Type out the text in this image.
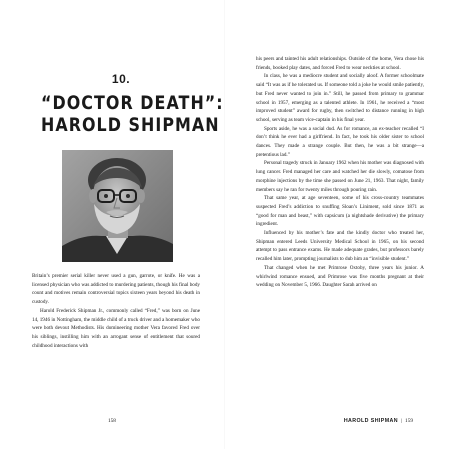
10.
“DOCTOR DEATH”:
HAROLD SHIPMAN

Britain’s premier serial killer never used a gun, garrote, or knife. He was a licensed physician who was addicted to murdering patients, though his final body count and motives remain controversial topics sixteen years beyond his death in custody.

Harold Frederick Shipman Jr., commonly called “Fred,” was born on June 14, 1946 in Nottingham, the middle child of a truck driver and a homemaker who were both devout Methodists. His domineering mother Vera favored Fred over his siblings, instilling him with an arrogant sense of entitlement that soured childhood interactions with

158

his peers and tainted his adult relationships. Outside of the home, Vera chose his friends, booked play dates, and forced Fred to wear neckties at school.

In class, he was a mediocre student and socially aloof. A former schoolmate said “It was as if he tolerated us. If someone told a joke he would smile patiently, but Fred never wanted to join in.” Still, he passed from primary to grammar school in 1957, emerging as a talented athlete. In 1961, he received a “most improved student” award for rugby, then switched to distance running in high school, serving as team vice-captain in his final year.

Sports aside, he was a social dud. As for romance, an ex-teacher recalled “I don’t think he ever had a girlfriend. In fact, he took his older sister to school dances. They made a strange couple. But then, he was a bit strange—a pretentious lad.”

Personal tragedy struck in January 1962 when his mother was diagnosed with lung cancer. Fred managed her care and watched her die slowly, comatose from morphine injections by the time she passed on June 21, 1963. That night, family members say he ran for twenty miles through pouring rain.

That same year, at age seventeen, some of his cross-country teammates suspected Fred’s addiction to snuffing Sloan’s Liniment, sold since 1871 as “good for man and beast,” with capsicum (a nightshade derivative) the primary ingredient.

Influenced by his mother’s fate and the kindly doctor who treated her, Shipman entered Leeds University Medical School in 1965, on his second attempt to pass entrance exams. He made adequate grades, but professors barely recalled him later, prompting journalists to dub him an “invisible student.”

That changed when he met Primrose Oxtoby, three years his junior. A whirlwind romance ensued, and Primrose was five months pregnant at their wedding on November 5, 1966. Daughter Sarah arrived on

HAROLD SHIPMAN | 159
